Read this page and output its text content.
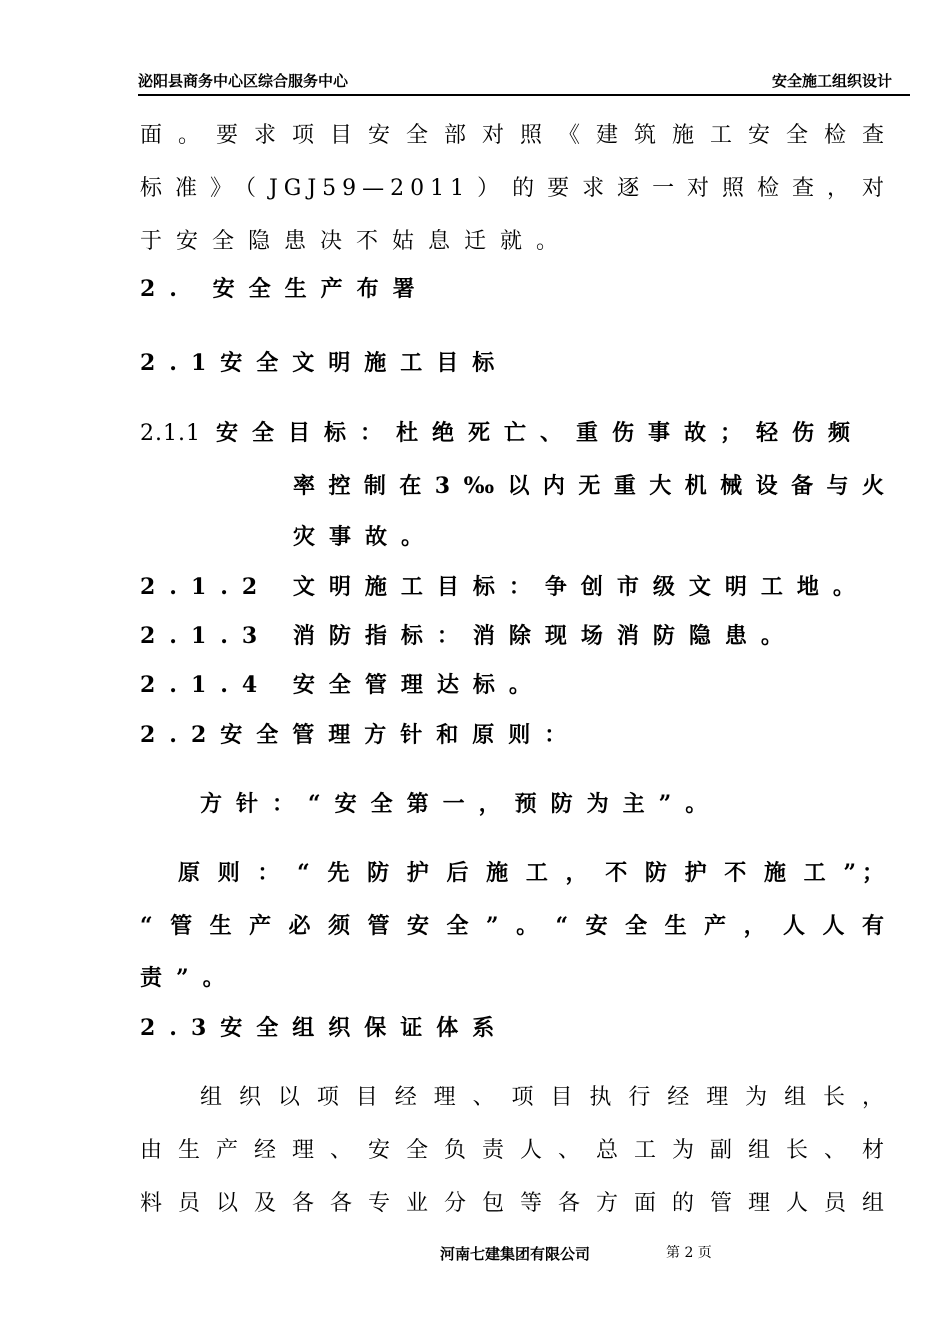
泌阳县商务中心区综合服务中心	安全施工组织设计
面。要求项目安全部对照《建筑施工安全检查
标准》（JGJ59—2011）的要求逐一对照检查，对
于安全隐患决不姑息迁就。
2. 安全生产布署
2.1安全文明施工目标
2.1.1 安全目标：杜绝死亡、重伤事故；轻伤频
率控制在3‰以内无重大机械设备与火
灾事故。
2.1.2 文明施工目标：争创市级文明工地。
2.1.3 消防指标：消除现场消防隐患。
2.1.4 安全管理达标。
2.2安全管理方针和原则：
方针：“安全第一，预防为主”。
原则：“先防护后施工，不防护不施工”；
“管生产必须管安全”。“安全生产，人人有
责”。
2.3安全组织保证体系
组织以项目经理、项目执行经理为组长，
由生产经理、安全负责人、总工为副组长、材
料员以及各各专业分包等各方面的管理人员组
河南七建集团有限公司	第 2 页
